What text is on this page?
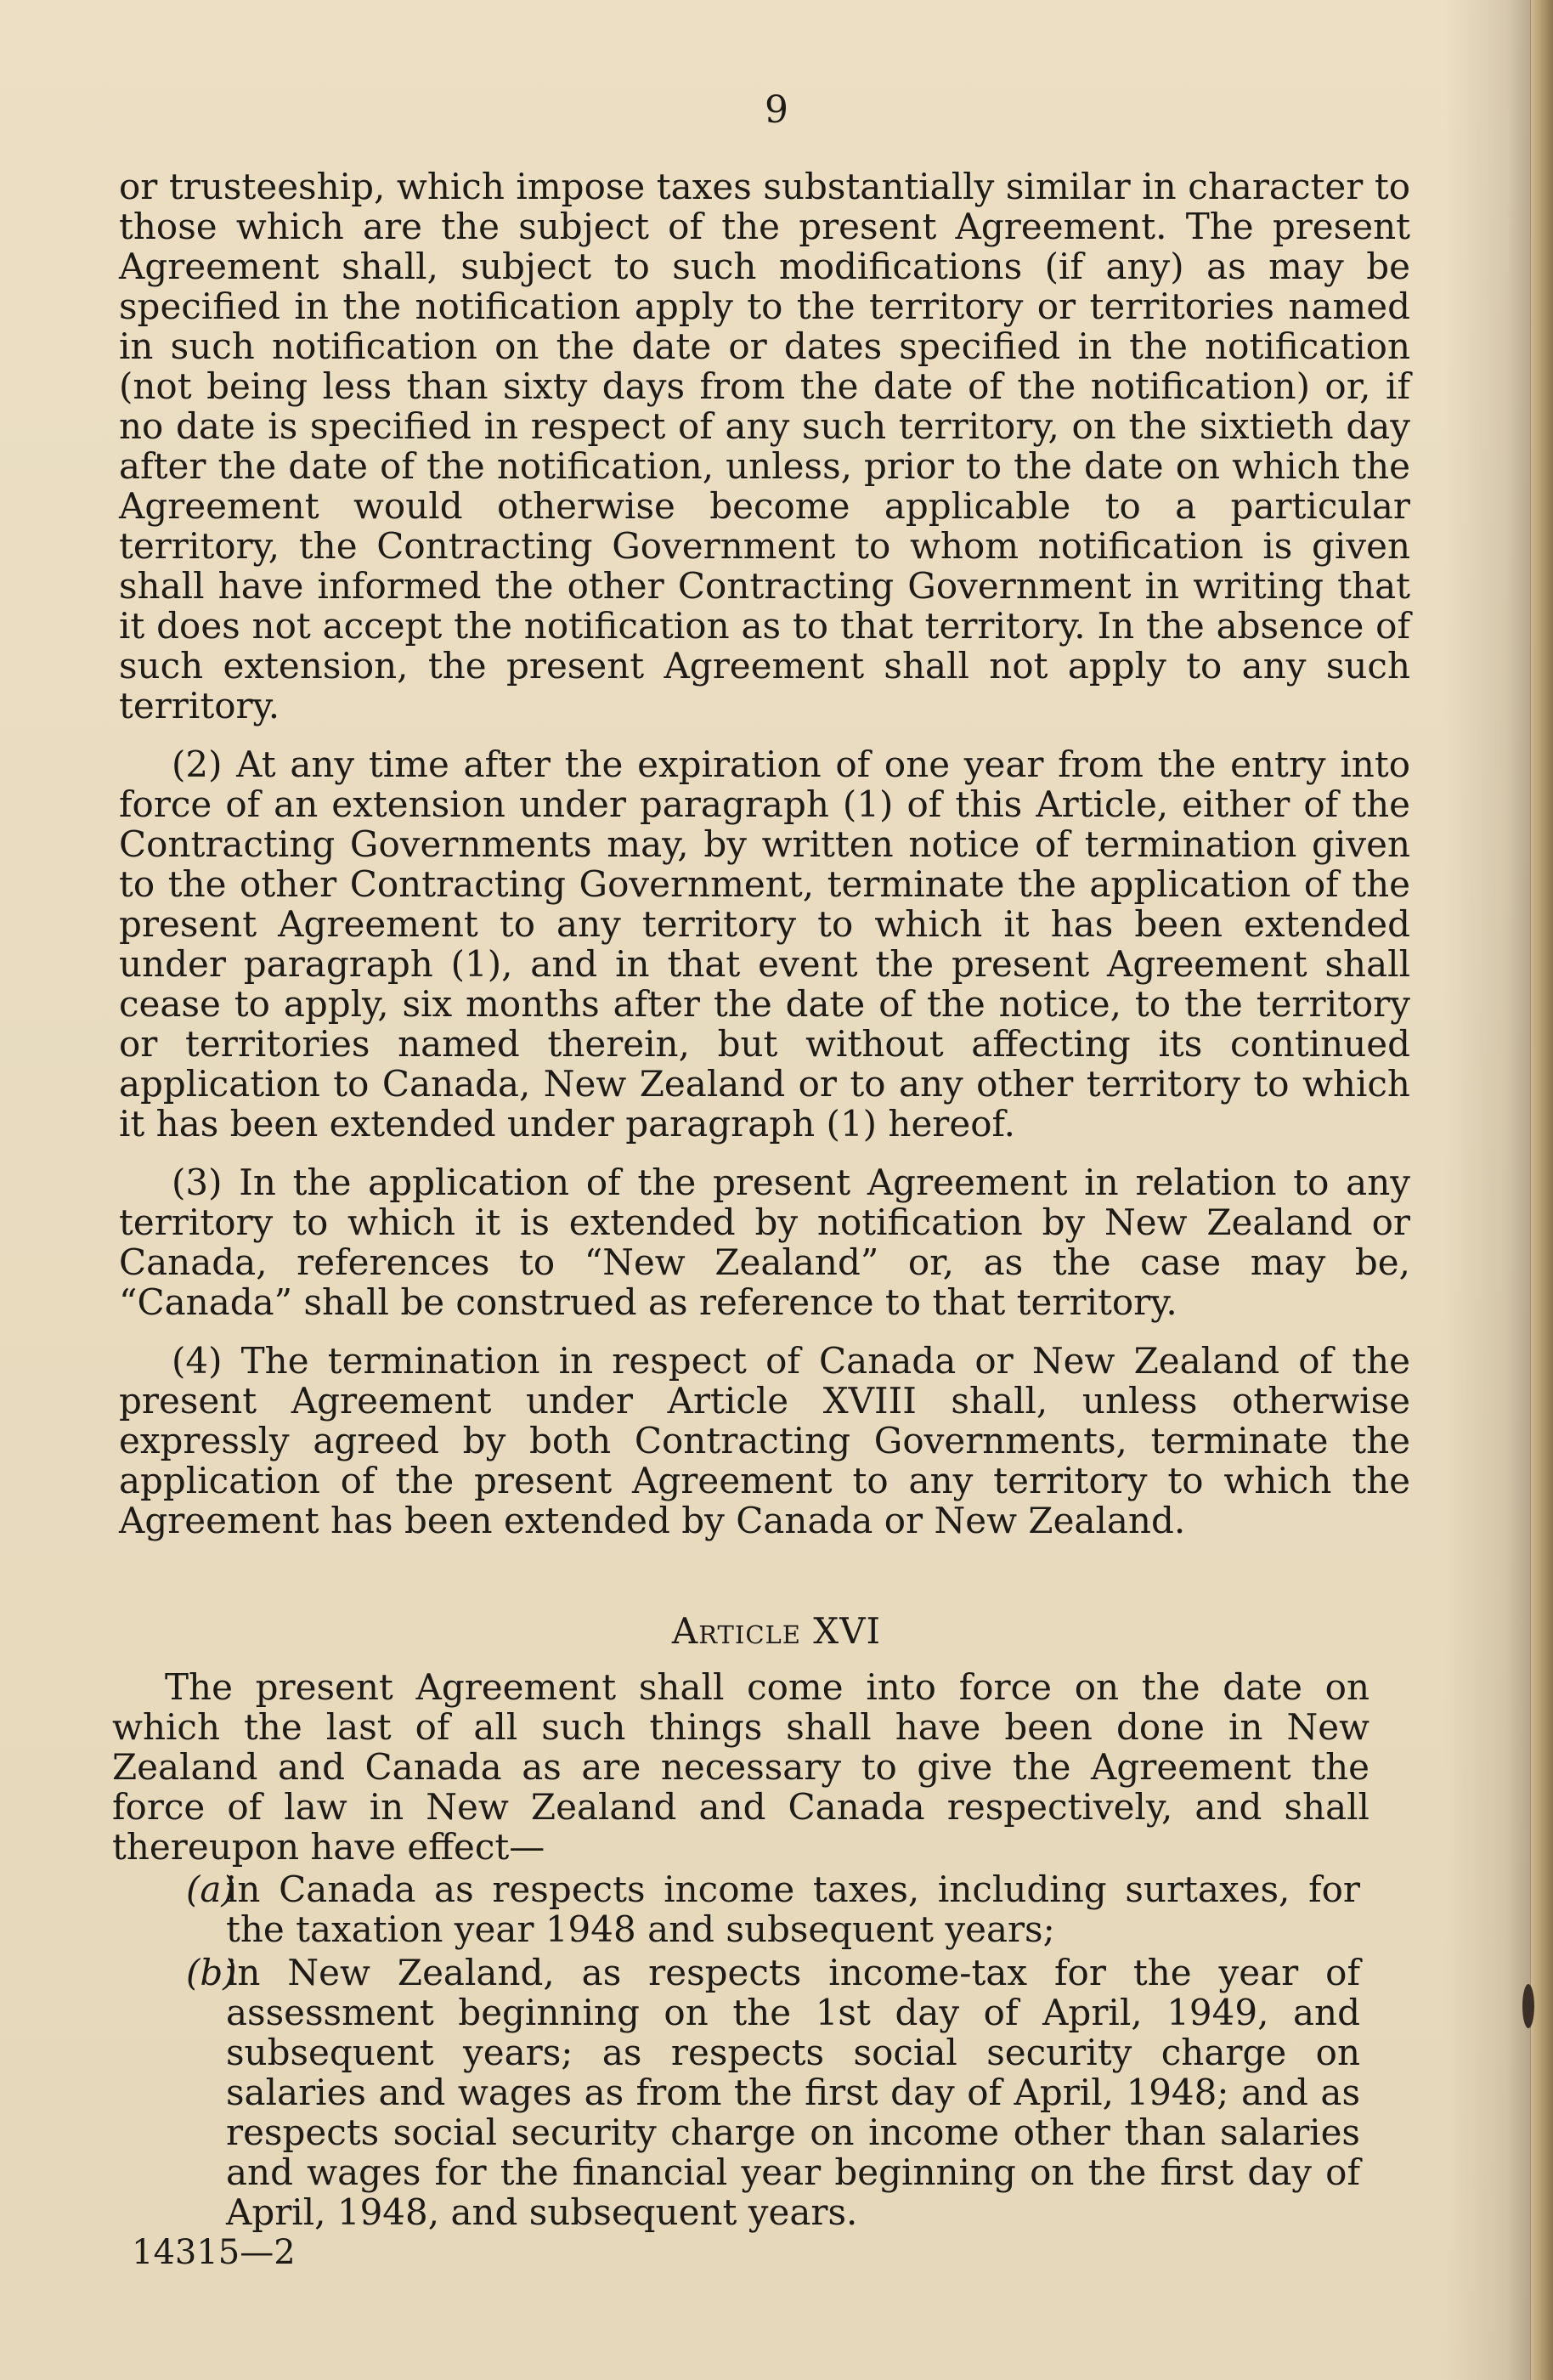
9

or trusteeship, which impose taxes substantially similar in character to those which are the subject of the present Agreement. The present Agreement shall, subject to such modifications (if any) as may be specified in the notification apply to the territory or territories named in such notification on the date or dates specified in the notification (not being less than sixty days from the date of the notification) or, if no date is specified in respect of any such territory, on the sixtieth day after the date of the notification, unless, prior to the date on which the Agreement would otherwise become applicable to a particular territory, the Contracting Government to whom notification is given shall have informed the other Contracting Government in writing that it does not accept the notification as to that territory. In the absence of such extension, the present Agreement shall not apply to any such territory.

(2) At any time after the expiration of one year from the entry into force of an extension under paragraph (1) of this Article, either of the Contracting Governments may, by written notice of termination given to the other Contracting Government, terminate the application of the present Agreement to any territory to which it has been extended under paragraph (1), and in that event the present Agreement shall cease to apply, six months after the date of the notice, to the territory or territories named therein, but without affecting its continued application to Canada, New Zealand or to any other territory to which it has been extended under paragraph (1) hereof.

(3) In the application of the present Agreement in relation to any territory to which it is extended by notification by New Zealand or Canada, references to “New Zealand” or, as the case may be, “Canada” shall be construed as reference to that territory.

(4) The termination in respect of Canada or New Zealand of the present Agreement under Article XVIII shall, unless otherwise expressly agreed by both Contracting Governments, terminate the application of the present Agreement to any territory to which the Agreement has been extended by Canada or New Zealand.

Article XVI

The present Agreement shall come into force on the date on which the last of all such things shall have been done in New Zealand and Canada as are necessary to give the Agreement the force of law in New Zealand and Canada respectively, and shall thereupon have effect—

(a)
in Canada as respects income taxes, including surtaxes, for the taxation year 1948 and subsequent years;
(b)
in New Zealand, as respects income-tax for the year of assessment beginning on the 1st day of April, 1949, and subsequent years; as respects social security charge on salaries and wages as from the first day of April, 1948; and as respects social security charge on income other than salaries and wages for the financial year beginning on the first day of April, 1948, and subsequent years.
14315—2
